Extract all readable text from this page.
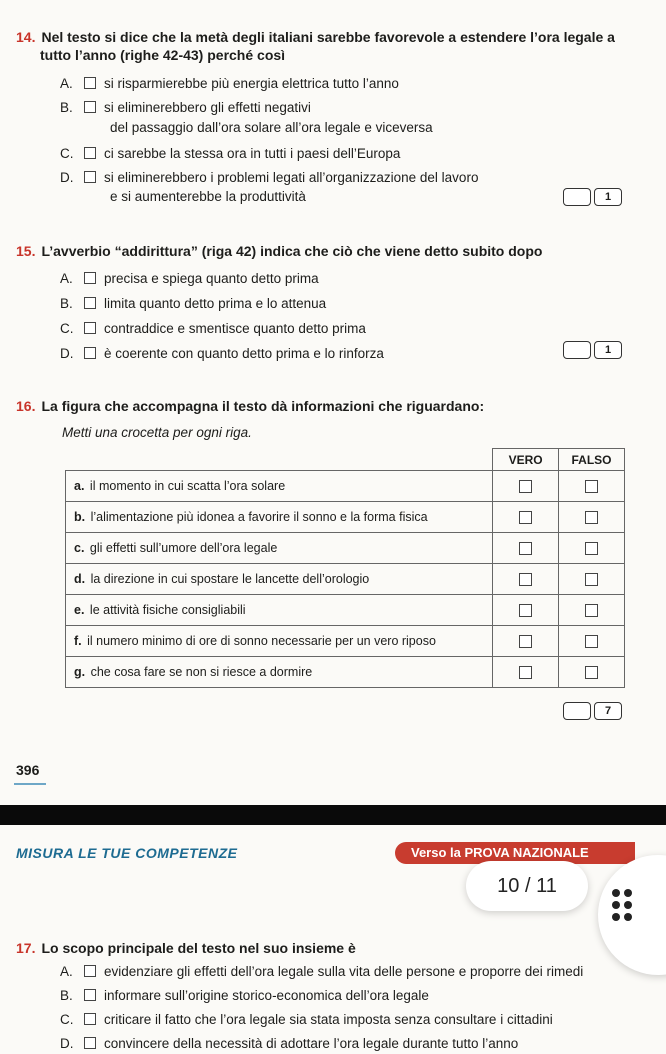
14. Nel testo si dice che la metà degli italiani sarebbe favorevole a estendere l’ora legale a
tutto l’anno (righe 42-43) perché così
A. si risparmierebbe più energia elettrica tutto l’anno
B. si eliminerebbero gli effetti negativi
del passaggio dall’ora solare all’ora legale e viceversa
C. ci sarebbe la stessa ora in tutti i paesi dell’Europa
D. si eliminerebbero i problemi legati all’organizzazione del lavoro
e si aumenterebbe la produttività	1
15. L’avverbio “addirittura” (riga 42) indica che ciò che viene detto subito dopo
A. precisa e spiega quanto detto prima
B. limita quanto detto prima e lo attenua
C. contraddice e smentisce quanto detto prima
D. è coerente con quanto detto prima e lo rinforza	1
16. La figura che accompagna il testo dà informazioni che riguardano:
Metti una crocetta per ogni riga.
	VERO	FALSO
a. il momento in cui scatta l’ora solare		
b. l’alimentazione più idonea a favorire il sonno e la forma fisica		
c. gli effetti sull’umore dell’ora legale		
d. la direzione in cui spostare le lancette dell’orologio		
e. le attività fisiche consigliabili		
f. il numero minimo di ore di sonno necessarie per un vero riposo		
g. che cosa fare se non si riesce a dormire		
7
396
MISURA LE TUE COMPETENZE	Verso la PROVA NAZIONALE
17. Lo scopo principale del testo nel suo insieme è
A. evidenziare gli effetti dell’ora legale sulla vita delle persone e proporre dei rimedi
B. informare sull’origine storico-economica dell’ora legale
C. criticare il fatto che l’ora legale sia stata imposta senza consultare i cittadini
D. convincere della necessità di adottare l’ora legale durante tutto l’anno
10 / 11
